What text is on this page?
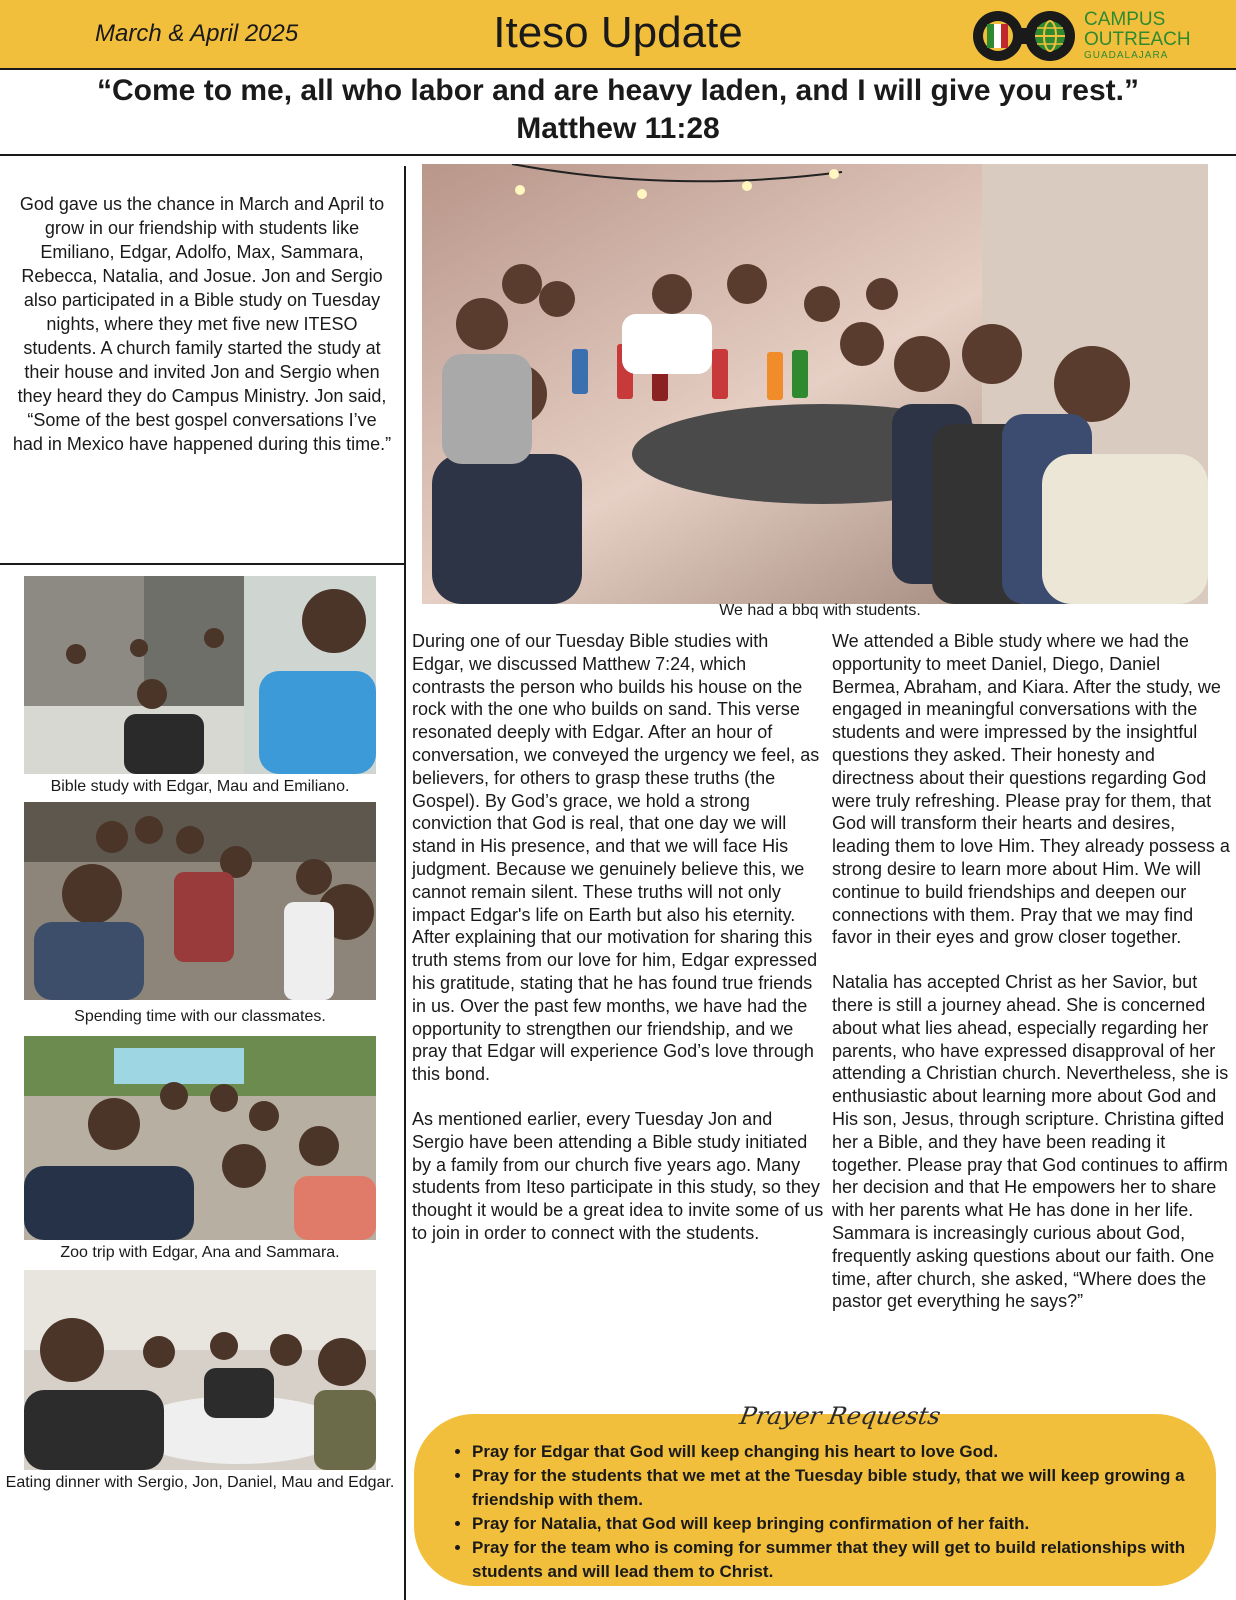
March & April 2025	Iteso Update	CAMPUS
OUTREACH
GUADALAJARA
“Come to me, all who labor and are heavy laden, and I will give you rest.”
Matthew 11:28
God gave us the chance in March and April to grow in our friendship with students like Emiliano, Edgar, Adolfo, Max, Sammara, Rebecca, Natalia, and Josue. Jon and Sergio also participated in a Bible study on Tuesday nights, where they met five new ITESO students. A church family started the study at their house and invited Jon and Sergio when they heard they do Campus Ministry. Jon said, “Some of the best gospel conversations I’ve had in Mexico have happened during this time.”
We had a bbq with students.
Bible study with Edgar, Mau and Emiliano.
Spending time with our classmates.
Zoo trip with Edgar, Ana and Sammara.
Eating dinner with Sergio, Jon, Daniel, Mau and Edgar.

During one of our Tuesday Bible studies with Edgar, we discussed Matthew 7:24, which contrasts the person who builds his house on the rock with the one who builds on sand. This verse resonated deeply with Edgar. After an hour of conversation, we conveyed the urgency we feel, as believers, for others to grasp these truths (the Gospel). By God’s grace, we hold a strong conviction that God is real, that one day we will stand in His presence, and that we will face His judgment. Because we genuinely believe this, we cannot remain silent. These truths will not only impact Edgar's life on Earth but also his eternity. After explaining that our motivation for sharing this truth stems from our love for him, Edgar expressed his gratitude, stating that he has found true friends in us. Over the past few months, we have had the opportunity to strengthen our friendship, and we pray that Edgar will experience God’s love through this bond.

As mentioned earlier, every Tuesday Jon and Sergio have been attending a Bible study initiated by a family from our church five years ago. Many students from Iteso participate in this study, so they thought it would be a great idea to invite some of us to join in order to connect with the students.

We attended a Bible study where we had the opportunity to meet Daniel, Diego, Daniel Bermea, Abraham, and Kiara. After the study, we engaged in meaningful conversations with the students and were impressed by the insightful questions they asked. Their honesty and directness about their questions regarding God were truly refreshing. Please pray for them, that God will transform their hearts and desires, leading them to love Him. They already possess a strong desire to learn more about Him. We will continue to build friendships and deepen our connections with them. Pray that we may find favor in their eyes and grow closer together.

Natalia has accepted Christ as her Savior, but there is still a journey ahead. She is concerned about what lies ahead, especially regarding her parents, who have expressed disapproval of her attending a Christian church. Nevertheless, she is enthusiastic about learning more about God and His son, Jesus, through scripture. Christina gifted her a Bible, and they have been reading it together. Please pray that God continues to affirm her decision and that He empowers her to share with her parents what He has done in her life. Sammara is increasingly curious about God, frequently asking questions about our faith. One time, after church, she asked, “Where does the pastor get everything he says?”

Prayer Requests
• Pray for Edgar that God will keep changing his heart to love God.
• Pray for the students that we met at the Tuesday bible study, that we will keep growing a friendship with them.
• Pray for Natalia, that God will keep bringing confirmation of her faith.
• Pray for the team who is coming for summer that they will get to build relationships with students and will lead them to Christ.
